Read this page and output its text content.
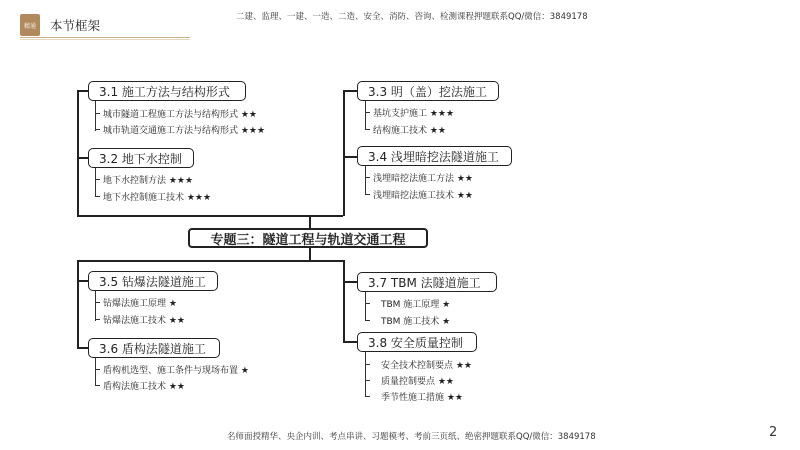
精通	本节框架
二建、监理、一建、一造、二造、安全、消防、咨询、检测课程押题联系QQ/微信：3849178
专题三：隧道工程与轨道交通工程
3.1 施工方法与结构形式
3.2 地下水控制
3.3 明（盖）挖法施工
3.4 浅埋暗挖法隧道施工
3.5 钻爆法隧道施工
3.6 盾构法隧道施工
3.7 TBM 法隧道施工
3.8 安全质量控制
城市隧道工程施工方法与结构形式 ★★
城市轨道交通施工方法与结构形式 ★★★
地下水控制方法 ★★★
地下水控制施工技术 ★★★
基坑支护施工 ★★★
结构施工技术 ★★
浅埋暗挖法施工方法 ★★
浅埋暗挖法施工技术 ★★
钻爆法施工原理 ★
钻爆法施工技术 ★★
盾构机选型、施工条件与现场布置 ★
盾构法施工技术 ★★
TBM 施工原理 ★
TBM 施工技术 ★
安全技术控制要点 ★★
质量控制要点 ★★
季节性施工措施 ★★
名师面授精华、央企内训、考点串讲、习题模考、考前三页纸、绝密押题联系QQ/微信：3849178	2
